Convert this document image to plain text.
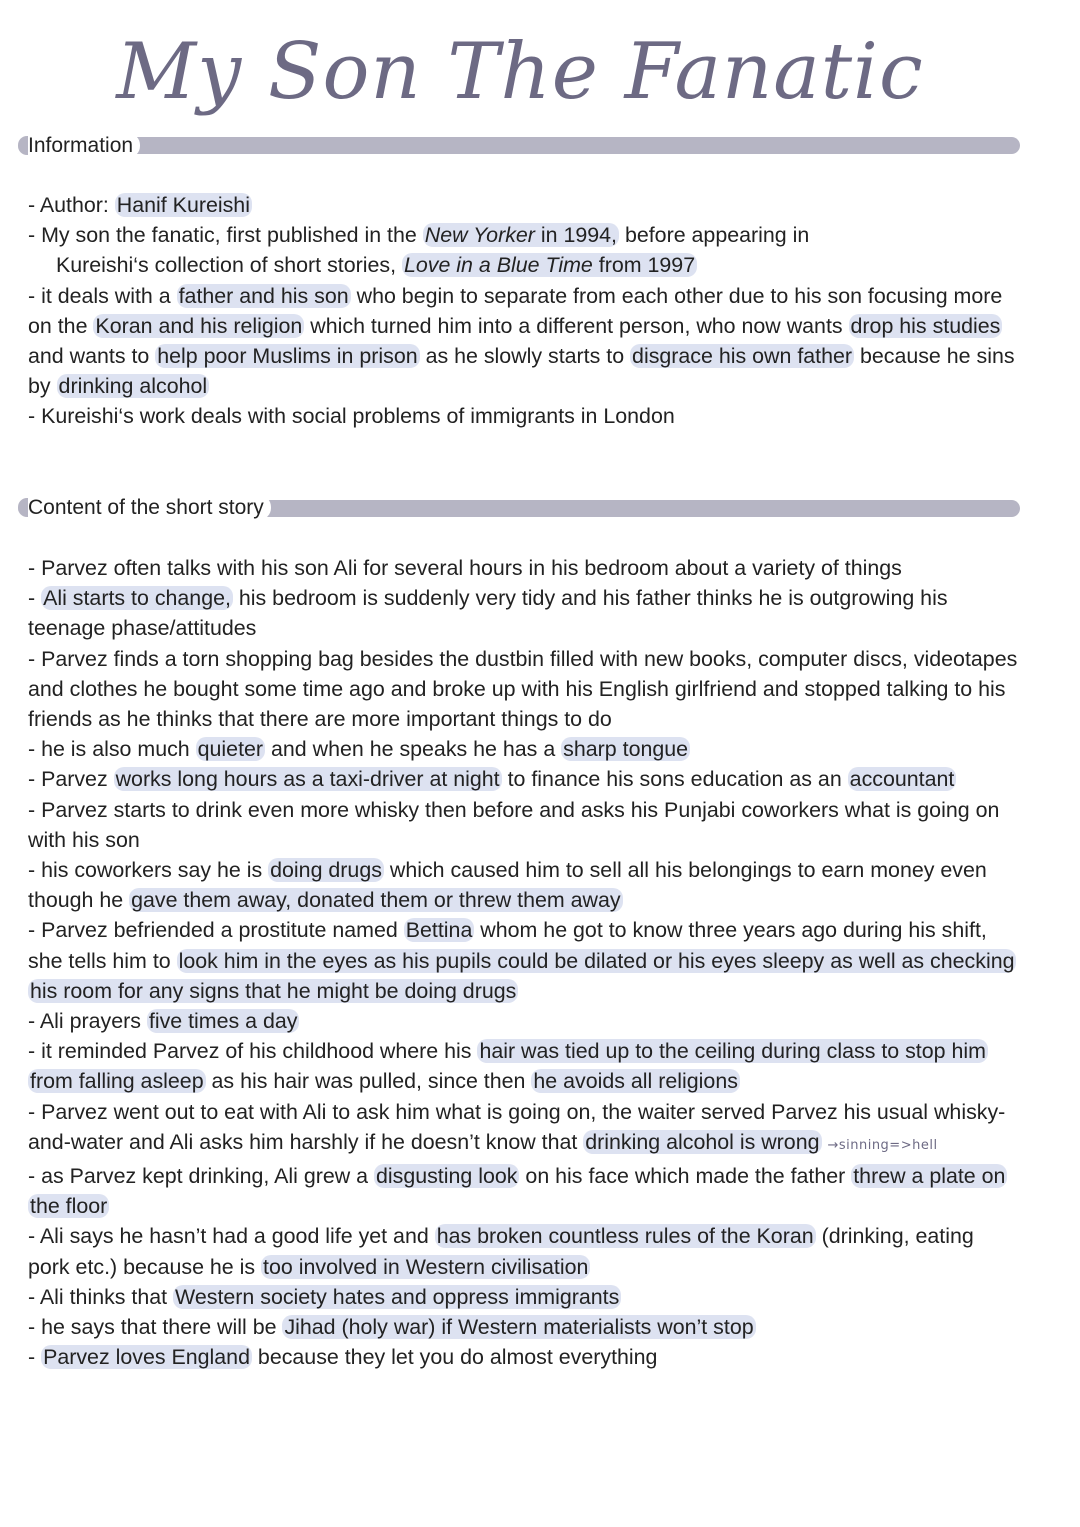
My Son The Fanatic
Information

- Author: Hanif Kureishi

- My son the fanatic, first published in the New Yorker in 1994, before appearing in

Kureishi‘s collection of short stories, Love in a Blue Time from 1997

- it deals with a father and his son who begin to separate from each other due to his son focusing more on the Koran and his religion which turned him into a different person, who now wants drop his studies and wants to help poor Muslims in prison as he slowly starts to disgrace his own father because he sins by drinking alcohol

- Kureishi‘s work deals with social problems of immigrants in London

Content of the short story

- Parvez often talks with his son Ali for several hours in his bedroom about a variety of things

- Ali starts to change, his bedroom is suddenly very tidy and his father thinks he is outgrowing his teenage phase/attitudes

- Parvez finds a torn shopping bag besides the dustbin filled with new books, computer discs, videotapes and clothes he bought some time ago and broke up with his English girlfriend and stopped talking to his friends as he thinks that there are more important things to do

- he is also much quieter and when he speaks he has a sharp tongue

- Parvez works long hours as a taxi-driver at night to finance his sons education as an accountant

- Parvez starts to drink even more whisky then before and asks his Punjabi coworkers what is going on with his son

- his coworkers say he is doing drugs which caused him to sell all his belongings to earn money even though he gave them away, donated them or threw them away

- Parvez befriended a prostitute named Bettina whom he got to know three years ago during his shift, she tells him to look him in the eyes as his pupils could be dilated or his eyes sleepy as well as checking his room for any signs that he might be doing drugs

- Ali prayers five times a day

- it reminded Parvez of his childhood where his hair was tied up to the ceiling during class to stop him from falling asleep as his hair was pulled, since then he avoids all religions

- Parvez went out to eat with Ali to ask him what is going on, the waiter served Parvez his usual whisky-and-water and Ali asks him harshly if he doesn’t know that drinking alcohol is wrong →sinning=>hell

- as Parvez kept drinking, Ali grew a disgusting look on his face which made the father threw a plate on the floor

- Ali says he hasn’t had a good life yet and has broken countless rules of the Koran (drinking, eating pork etc.) because he is too involved in Western civilisation

- Ali thinks that Western society hates and oppress immigrants

- he says that there will be Jihad (holy war) if Western materialists won’t stop

- Parvez loves England because they let you do almost everything
